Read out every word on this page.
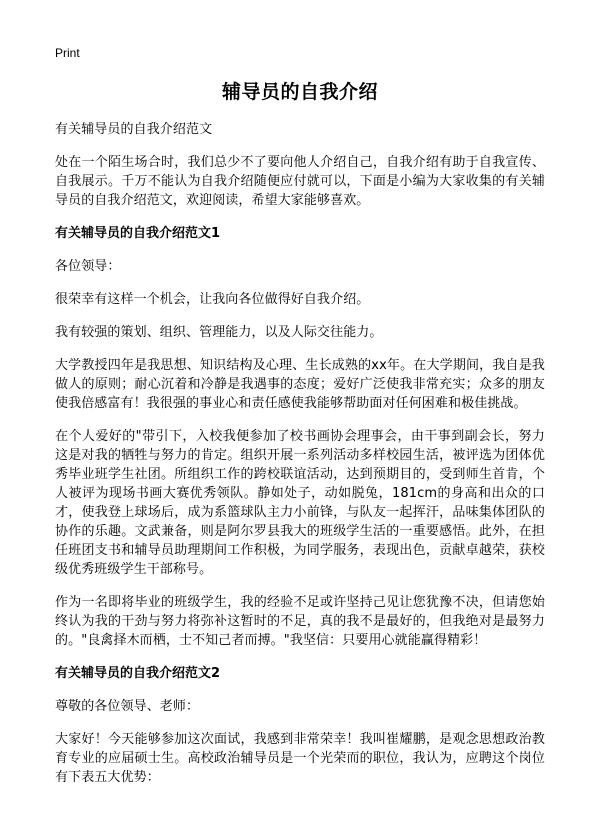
Print
辅导员的自我介绍

有关辅导员的自我介绍范文

处在一个陌生场合时，我们总少不了要向他人介绍自己，自我介绍有助于自我宣传、自我展示。千万不能认为自我介绍随便应付就可以，下面是小编为大家收集的有关辅导员的自我介绍范文，欢迎阅读，希望大家能够喜欢。

有关辅导员的自我介绍范文1

各位领导：

很荣幸有这样一个机会，让我向各位做得好自我介绍。

我有较强的策划、组织、管理能力，以及人际交往能力。

大学教授四年是我思想、知识结构及心理、生长成熟的xx年。在大学期间，我自是我做人的原则；耐心沉着和冷静是我遇事的态度；爱好广泛使我非常充实；众多的朋友使我倍感富有！我很强的事业心和责任感使我能够帮助面对任何困难和极佳挑战。

在个人爱好的"带引下，入校我便参加了校书画协会理事会，由干事到副会长，努力这是对我的牺牲与努力的肯定。组织开展一系列活动多样校园生活，被评选为团体优秀毕业班学生社团。所组织工作的跨校联谊活动，达到预期目的，受到师生首肯，个人被评为现场书画大赛优秀领队。静如处子，动如脱兔，181cm的身高和出众的口才，使我登上球场后，成为系篮球队主力小前锋，与队友一起挥汗，品味集体团队的协作的乐趣。文武兼备，则是阿尔罗县我大的班级学生活的一重要感悟。此外，在担任班团支书和辅导员助理期间工作积极，为同学服务，表现出色，贡献卓越荣，获校级优秀班级学生干部称号。

作为一名即将毕业的班级学生，我的经验不足或许坚持己见让您犹豫不决，但请您始终认为我的干劲与努力将弥补这暂时的不足，真的我不是最好的，但我绝对是最努力的。"良禽择木而栖，士不知己者而搏。"我坚信：只要用心就能赢得精彩！

有关辅导员的自我介绍范文2

尊敬的各位领导、老师：

大家好！今天能够参加这次面试，我感到非常荣幸！我叫崔耀鹏，是观念思想政治教育专业的应届硕士生。高校政治辅导员是一个光荣而的职位，我认为，应聘这个岗位有下表五大优势：
